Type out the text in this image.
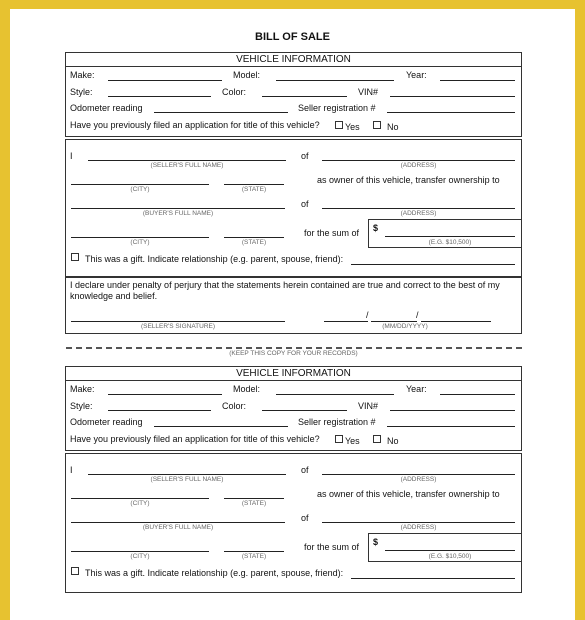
BILL OF SALE
VEHICLE INFORMATION
Make:	Model:	Year:
Style:	Color:	VIN#
Odometer reading	Seller registration #
Have you previously filed an application for title of this vehicle?	Yes	No
I
(SELLER'S FULL NAME)
of
(ADDRESS)
(CITY)	(STATE)
as owner of this vehicle, transfer ownership to
(BUYER'S FULL NAME)
of
(ADDRESS)
(CITY)	(STATE)
for the sum of $
(E.G. $10,500)
This was a gift. Indicate relationship (e.g. parent, spouse, friend):
I declare under penalty of perjury that the statements herein contained are true and correct to the best of my
knowledge and belief.
(SELLER'S SIGNATURE)
/	/
(MM/DD/YYYY)
(KEEP THIS COPY FOR YOUR RECORDS)
VEHICLE INFORMATION
Make:	Model:	Year:
Style:	Color:	VIN#
Odometer reading	Seller registration #
Have you previously filed an application for title of this vehicle?	Yes	No
I
(SELLER'S FULL NAME)
of
(ADDRESS)
(CITY)	(STATE)
as owner of this vehicle, transfer ownership to
(BUYER'S FULL NAME)
of
(ADDRESS)
(CITY)	(STATE)
for the sum of $
(E.G. $10,500)
This was a gift. Indicate relationship (e.g. parent, spouse, friend):
